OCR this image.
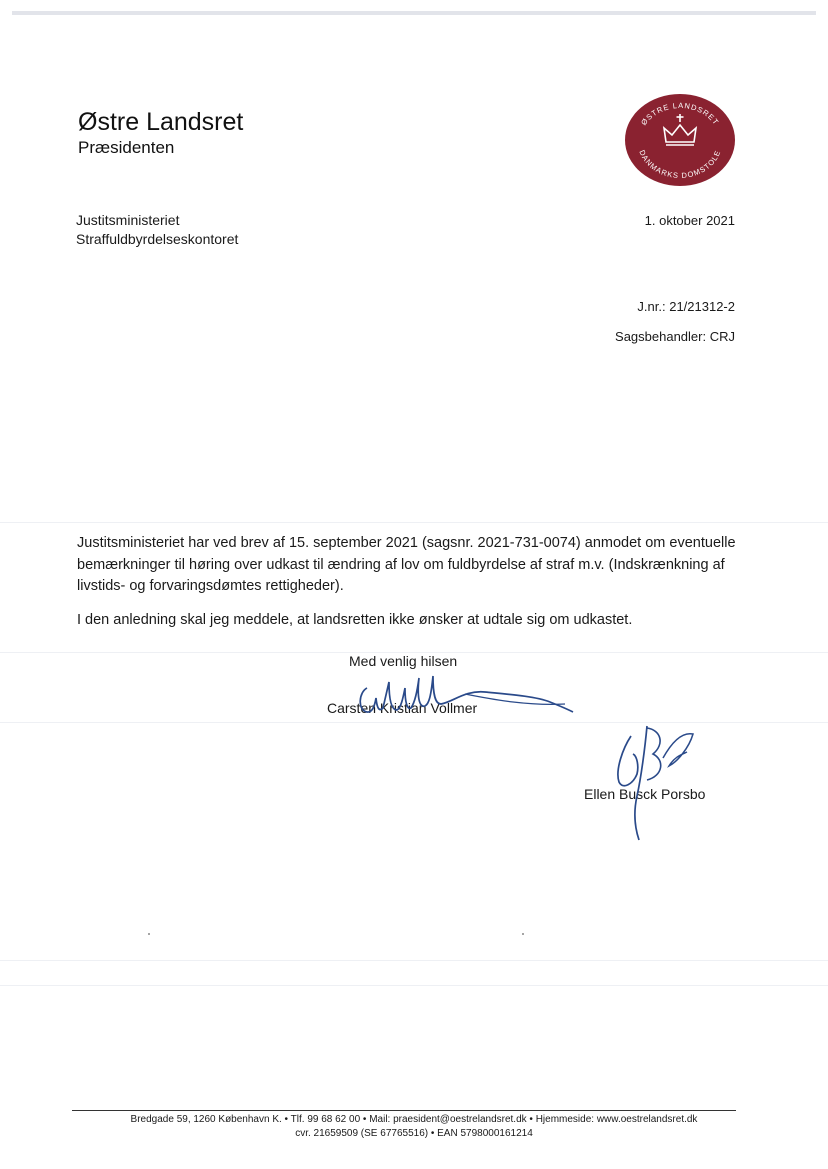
Østre Landsret
Præsidenten
ØSTRE LANDSRET
DANMARKS DOMSTOLE
Justitsministeriet
Straffuldbyrdelseskontoret
1. oktober 2021
J.nr.: 21/21312-2
Sagsbehandler: CRJ

Justitsministeriet har ved brev af 15. september 2021 (sagsnr. 2021-731-0074) anmodet om eventuelle bemærkninger til høring over udkast til ændring af lov om fuldbyrdelse af straf m.v. (Indskrænkning af livstids- og forvaringsdømtes rettigheder).

I den anledning skal jeg meddele, at landsretten ikke ønsker at udtale sig om udkastet.

Med venlig hilsen
Carsten Kristian Vollmer
Ellen Busck Porsbo
Bredgade 59, 1260 København K. • Tlf. 99 68 62 00 • Mail: praesident@oestrelandsret.dk • Hjemmeside: www.oestrelandsret.dk
cvr. 21659509 (SE 67765516) • EAN 5798000161214
